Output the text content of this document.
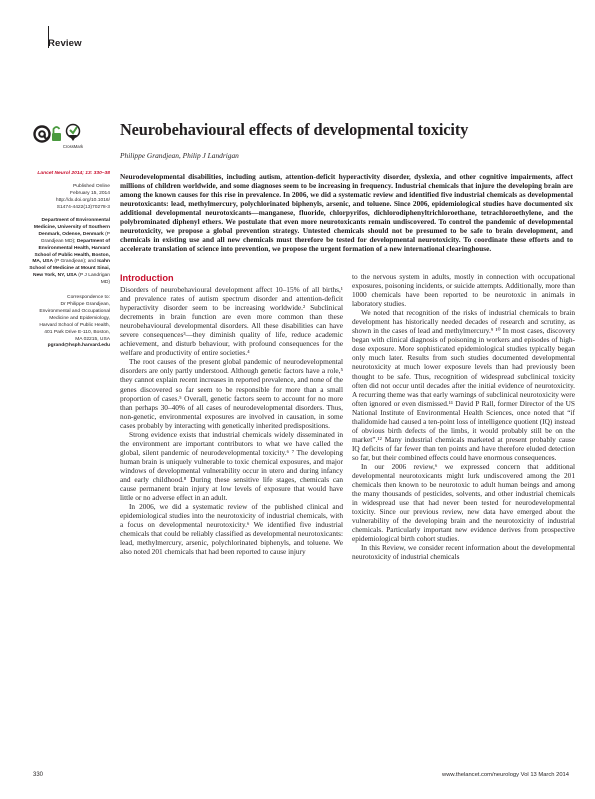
Review
CrossMark
Neurobehavioural effects of developmental toxicity
Philippe Grandjean, Philip J Landrigan

Lancet Neurol 2014; 13: 330–38

Published Online
February 15, 2014
http://dx.doi.org/10.1016/
S1474-4422(13)70278-3

Department of Environmental Medicine, University of Southern Denmark, Odense, Denmark (P Grandjean MD); Department of Environmental Health, Harvard School of Public Health, Boston, MA, USA (P Grandjean); and Icahn School of Medicine at Mount Sinai, New York, NY, USA (P J Landrigan MD)

Correspondence to:
Dr Philippe Grandjean,
Environmental and Occupational
Medicine and Epidemiology,
Harvard School of Public Health,
401 Park Drive E-110, Boston,
MA 02215, USA
pgrand@hsph.harvard.edu

Neurodevelopmental disabilities, including autism, attention-deficit hyperactivity disorder, dyslexia, and other cognitive impairments, affect millions of children worldwide, and some diagnoses seem to be increasing in frequency. Industrial chemicals that injure the developing brain are among the known causes for this rise in prevalence. In 2006, we did a systematic review and identified five industrial chemicals as developmental neurotoxicants: lead, methylmercury, polychlorinated biphenyls, arsenic, and toluene. Since 2006, epidemiological studies have documented six additional developmental neurotoxicants—manganese, fluoride, chlorpyrifos, dichlorodiphenyltrichloroethane, tetrachloroethylene, and the polybrominated diphenyl ethers. We postulate that even more neurotoxicants remain undiscovered. To control the pandemic of developmental neurotoxicity, we propose a global prevention strategy. Untested chemicals should not be presumed to be safe to brain development, and chemicals in existing use and all new chemicals must therefore be tested for developmental neurotoxicity. To coordinate these efforts and to accelerate translation of science into prevention, we propose the urgent formation of a new international clearinghouse.
Introduction

Disorders of neurobehavioural development affect 10–15% of all births,¹ and prevalence rates of autism spectrum disorder and attention-deficit hyperactivity disorder seem to be increasing worldwide.² Subclinical decrements in brain function are even more common than these neurobehavioural developmental disorders. All these disabilities can have severe consequences³—they diminish quality of life, reduce academic achievement, and disturb behaviour, with profound consequences for the welfare and productivity of entire societies.⁴

The root causes of the present global pandemic of neurodevelopmental disorders are only partly understood. Although genetic factors have a role,⁵ they cannot explain recent increases in reported prevalence, and none of the genes discovered so far seem to be responsible for more than a small proportion of cases.⁵ Overall, genetic factors seem to account for no more than perhaps 30–40% of all cases of neurodevelopmental disorders. Thus, non-genetic, environmental exposures are involved in causation, in some cases probably by interacting with genetically inherited predispositions.

Strong evidence exists that industrial chemicals widely disseminated in the environment are important contributors to what we have called the global, silent pandemic of neurodevelopmental toxicity.⁶ ⁷ The developing human brain is uniquely vulnerable to toxic chemical exposures, and major windows of developmental vulnerability occur in utero and during infancy and early childhood.⁸ During these sensitive life stages, chemicals can cause permanent brain injury at low levels of exposure that would have little or no adverse effect in an adult.

In 2006, we did a systematic review of the published clinical and epidemiological studies into the neurotoxicity of industrial chemicals, with a focus on developmental neurotoxicity.⁶ We identified five industrial chemicals that could be reliably classified as developmental neurotoxicants: lead, methylmercury, arsenic, polychlorinated biphenyls, and toluene. We also noted 201 chemicals that had been reported to cause injury

to the nervous system in adults, mostly in connection with occupational exposures, poisoning incidents, or suicide attempts. Additionally, more than 1000 chemicals have been reported to be neurotoxic in animals in laboratory studies.

We noted that recognition of the risks of industrial chemicals to brain development has historically needed decades of research and scrutiny, as shown in the cases of lead and methylmercury.⁹ ¹⁰ In most cases, discovery began with clinical diagnosis of poisoning in workers and episodes of high-dose exposure. More sophisticated epidemiological studies typically began only much later. Results from such studies documented developmental neurotoxicity at much lower exposure levels than had previously been thought to be safe. Thus, recognition of widespread subclinical toxicity often did not occur until decades after the initial evidence of neurotoxicity. A recurring theme was that early warnings of subclinical neurotoxicity were often ignored or even dismissed.¹¹ David P Rall, former Director of the US National Institute of Environmental Health Sciences, once noted that “if thalidomide had caused a ten-point loss of intelligence quotient (IQ) instead of obvious birth defects of the limbs, it would probably still be on the market”.¹² Many industrial chemicals marketed at present probably cause IQ deficits of far fewer than ten points and have therefore eluded detection so far, but their combined effects could have enormous consequences.

In our 2006 review,⁶ we expressed concern that additional developmental neurotoxicants might lurk undiscovered among the 201 chemicals then known to be neurotoxic to adult human beings and among the many thousands of pesticides, solvents, and other industrial chemicals in widespread use that had never been tested for neurodevelopmental toxicity. Since our previous review, new data have emerged about the vulnerability of the developing brain and the neurotoxicity of industrial chemicals. Particularly important new evidence derives from prospective epidemiological birth cohort studies.

In this Review, we consider recent information about the developmental neurotoxicity of industrial chemicals

330	www.thelancet.com/neurology Vol 13 March 2014
